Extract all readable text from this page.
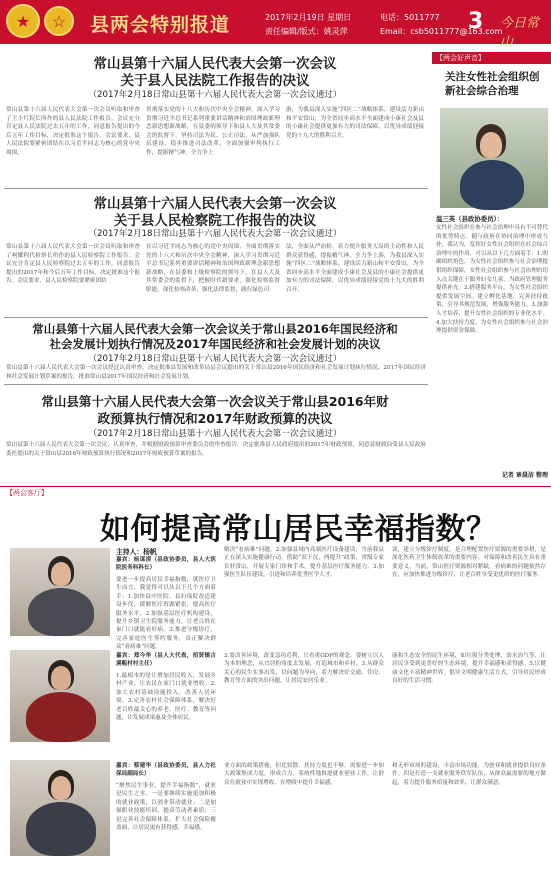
★	☆	县两会特别报道	2017年2月19日 星期日
责任编辑/版式：姚灵萍
电话：5011777
Email：csb5011777@163.com
3 今日常山
常山县第十六届人民代表大会第一次会议
关于县人民法院工作报告的决议
（2017年2月18日常山县第十六届人民代表大会第一次会议通过）
常山县第十六届人民代表大会第一次会议听取和审查了王小红院长所作的县人民法院工作报告。会议充分肯定县人民法院过去五年的工作，同意报告提出的今后五年工作目标，决定批准这个报告。会议要求，县人民法院要紧密团结在以习近平同志为核心的党中央周围，
贯彻落实党的十八大和历次中央全会精神，深入学习贯彻习近平总书记系列重要讲话精神和治国理政新理念新思想新战略，在县委的领导下和县人大及其常委会的监督下，坚持司法为民、公正司法，从严加强队伍建设，稳步推进司法改革，全面加强审判执行工作，提振精气神，全力争上
游，为我县深入实施“四区二”战略体系，建设活力新山和平安常山，为全省同步高水平全面建成小康社会及县的小康社会提供更加有力的司法保障，以优异成绩迎接党的十九大的胜利召开。
常山县第十六届人民代表大会第一次会议
关于县人民检察院工作报告的决议
（2017年2月18日常山县第十六届人民代表大会第一次会议通过）
常山县第十六届人民代表大会第一次会议听取和审查了柯耀程代检察长所作的县人民检察院工作报告。会议充分肯定县人民检察院过去五年的工作，同意报告提出的2017年和今后五年工作目标，决定批准这个报告。会议要求，县人民检察院要紧密团结
在以习近平同志为核心的党中央周围，全面贯彻落实党的十八大和历次中央全会精神，深入学习贯彻习近平总书记系列重要讲话精神和治国理政新理念新思想新战略，在县委和上级检察院的领导下，在县人大及其常委会的监督下，把握时代新要求，强化检察监督职能，深化检察改革，强化法律监督，践行绿色司
法，全面从严治检，着力提升服务大局的主动性和人民群众获得感，提振精气神，全力争上游，为我县深入实施“四区二”战略体系，建设活力新山和平安常山，为全省同步高水平全面建成小康社会及县的小康社会提供更加有力的司法保障，以优异成绩迎接党的十九大的胜利召开。
常山县第十六届人民代表大会第一次会议关于常山县2016年国民经济和
社会发展计划执行情况及2017年国民经济和社会发展计划的决议
（2017年2月18日常山县第十六届人民代表大会第一次会议通过）
常山县第十六届人民代表大会第一次会议经过认真审查，决定批准县发展和改革局县会议提出的关于常山县2016年国民经济和社会发展计划执行情况、2017年国民经济和社会发展计划草案的报告，批准常山县2017年国民经济和社会发展计划。
常山县第十六届人民代表大会第一次会议关于常山县2016年财
政预算执行情况和2017年财政预算的决议
（2017年2月18日常山县第十六届人民代表大会第一次会议通过）
常山县第十六届人民代表大会第一次会议，认真审查，并根据财政预算审查委员会的审查报告，决定批准县人民政府提出的2017年财政预算，同意县财政局受县人民政府委托提出的关于常山县2016年财政预算执行情况和2017年财政预算草案的报告。
【两会好声音】
关注女性社会组织创新社会综合治理
温三英（县政协委员）：
女性社会组织在参与社会治理中具有不可替代的优势特点。随与政府在协同治理中形成互补，我认为，发挥好女性社会组织在社会综合治理中的作用，可以从以下几方面着手：1.明确组织角色，为女性社会组织参与社会治理提供组织保障。女性社会组织参与社会治理的切入点关键在于服务妇女儿童，为政府管理服务提供补充。2.搭建服务平台，为女性社会组织提供发展空间。建立孵化基地，完善扶持政策，引导其规范发展，增强服务能力。3.加强人才培养，提升女性社会组织的专业化水平。4.加大扶持力度，为女性社会组织参与社会治理提供资金保障。
记者 章晨洁 整理
【两会客厅】
如何提高常山居民幸福指数？
主持人：杨帆
嘉宾：杨谋清（县政协委员，县人大医院医务科科长）
要进一步提高居民幸福指数，就医疗卫生而言，我觉得可以从以下几个方面着手：1.加快县中医院、县妇保院改造建设步伐，缓解医疗资源紧张，提高医疗服务水平。2.加强基层医疗机构建设，提升乡镇卫生院服务能力，让老百姓在家门口就能看好病。3.推进分级诊疗，完善家庭医生签约服务，真正解决群众“看病难”问题。
嘉宾：郑今华（县人大代表，招贤镇古溪畈村村主任）
1.最根本的是让增加居民收入，发展乡村产业，让农民在家门口就业增收。2.加大农村基础设施投入，改善人居环境。3.完善农村社会保障体系，解决好老百姓最关心的养老、医疗、教育等问题，让发展成果惠及全体居民。
嘉宾：蔡建华（县政协委员，县人力社保局副局长）
“聚焦民生事业，提升幸福指数”，就业是民生之本。一是要继续实施更加积极的就业政策，以创业带动就业；二是加强职业技能培训，提高劳动者素质；三是完善社会保障体系，扩大社会保险覆盖面，让居民更有获得感、幸福感。
解决“看病难”问题。2.加强县域内高端医疗设备建设，当前我县正在深入实施健康行动，借助“双下沉、两提升”政策，省级专家长驻常山，开展专家门诊和手术，提升基层医疗服务能力。3.加强医生队伍建设，引进和培养优秀医学人才。
2.要改善环境，改变急功近利，只看重GDP的观念。要树立以人为本的理念，从宜居的角度去发展，打造城市和乡村。3.从群众关心的民生实事出发，以问题为导向，着力解决好交通、住房、教育等方面的突出问题，让居民安居乐业。
业方面的政策措施，但比较散，扶持力度也不够。需要进一步加大政策集成力度，形成合力，系统性地推进就业创业工作，让群众在就业中实现增收、在增收中提升幸福感。
谈，建立分级诊疗制度，是合理配置医疗资源的重要举措，是深化医药卫生体制改革的重要内容。对保障和改善民生具有重要意义。当前，常山医疗资源相对紧缺，看病难的问题依然存在，应加快推进分级诊疗，让老百姓享受更优质的医疗服务。
康和生态安全的民生环境，如垃圾分类处理、治水治气等，让居民享受到更美好的生态环境，提升幸福感和获得感。5.以健康文化丰富精神世界，倡导文明健康生活方式，引导居民形成良好的生活习惯。
和无形市场的建设，丰富市场功能，为创业和就业提供良好条件。四是打造一支就业服务铁军队伍，从群众最需要的地方做起，着力提升服务质量和效率，让群众满意。
